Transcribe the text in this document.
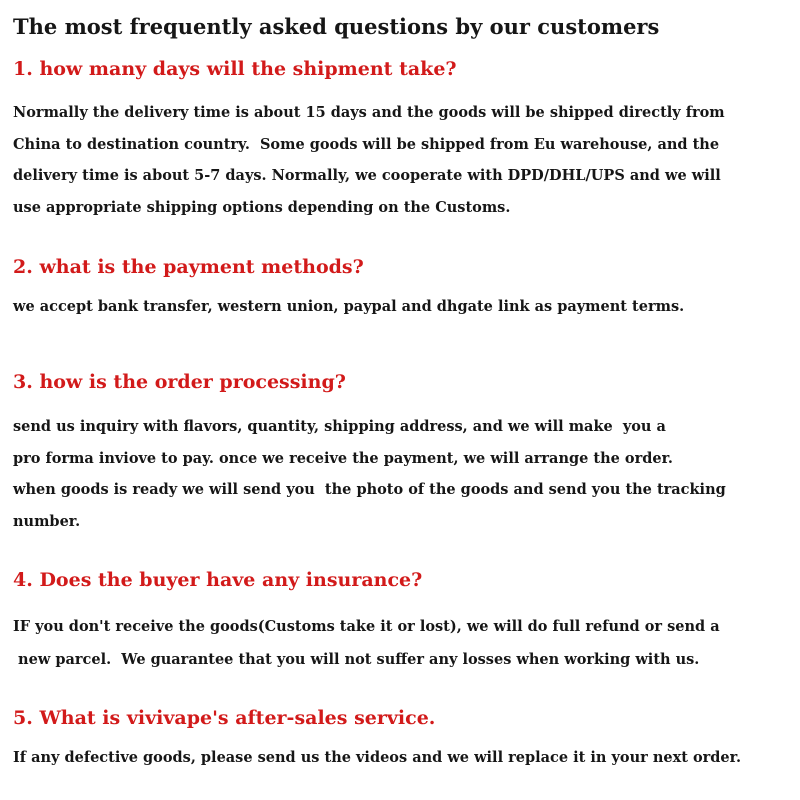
The most frequently asked questions by our customers
1. how many days will the shipment take?
Normally the delivery time is about 15 days and the goods will be shipped directly from
China to destination country.  Some goods will be shipped from Eu warehouse, and the
delivery time is about 5-7 days. Normally, we cooperate with DPD/DHL/UPS and we will
use appropriate shipping options depending on the Customs.
2. what is the payment methods?
we accept bank transfer, western union, paypal and dhgate link as payment terms.
3. how is the order processing?
send us inquiry with flavors, quantity, shipping address, and we will make  you a
pro forma inviove to pay. once we receive the payment, we will arrange the order.
when goods is ready we will send you  the photo of the goods and send you the tracking
number.
4. Does the buyer have any insurance?
IF you don't receive the goods(Customs take it or lost), we will do full refund or send a
new parcel.  We guarantee that you will not suffer any losses when working with us.
5. What is vivivape's after-sales service.
If any defective goods, please send us the videos and we will replace it in your next order.
